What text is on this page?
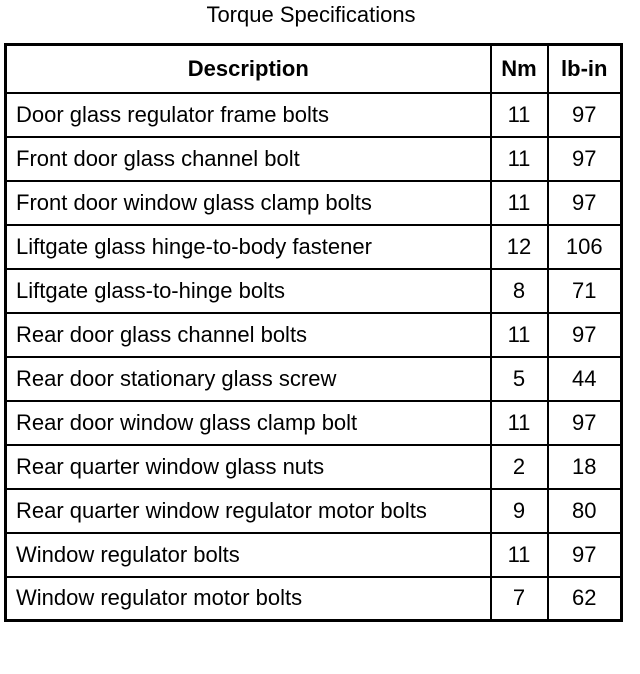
Torque Specifications
Description	Nm	lb-in
Door glass regulator frame bolts	11	97
Front door glass channel bolt	11	97
Front door window glass clamp bolts	11	97
Liftgate glass hinge-to-body fastener	12	106
Liftgate glass-to-hinge bolts	8	71
Rear door glass channel bolts	11	97
Rear door stationary glass screw	5	44
Rear door window glass clamp bolt	11	97
Rear quarter window glass nuts	2	18
Rear quarter window regulator motor bolts	9	80
Window regulator bolts	11	97
Window regulator motor bolts	7	62
